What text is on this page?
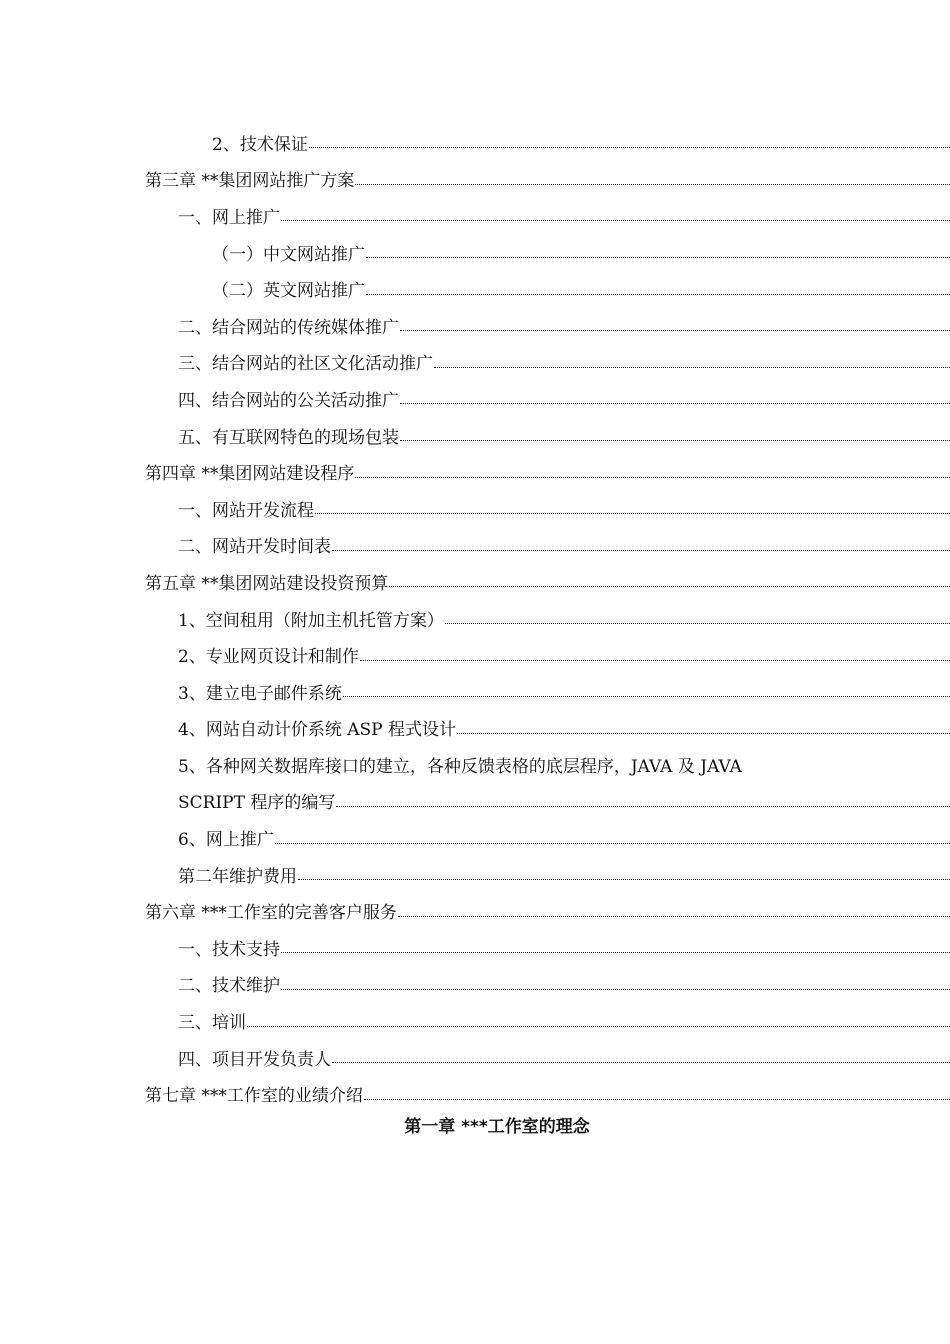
2、技术保证
第三章 **集团网站推广方案
一、网上推广
（一）中文网站推广
（二）英文网站推广
二、结合网站的传统媒体推广
三、结合网站的社区文化活动推广
四、结合网站的公关活动推广
五、有互联网特色的现场包装
第四章 **集团网站建设程序
一、网站开发流程
二、网站开发时间表
第五章 **集团网站建设投资预算
1、空间租用（附加主机托管方案）
2、专业网页设计和制作
3、建立电子邮件系统
4、网站自动计价系统 ASP 程式设计
5、各种网关数据库接口的建立，各种反馈表格的底层程序，JAVA 及 JAVA
SCRIPT 程序的编写
6、网上推广
第二年维护费用
第六章 ***工作室的完善客户服务
一、技术支持
二、技术维护
三、培训
四、项目开发负责人
第七章 ***工作室的业绩介绍
第一章 ***工作室的理念
